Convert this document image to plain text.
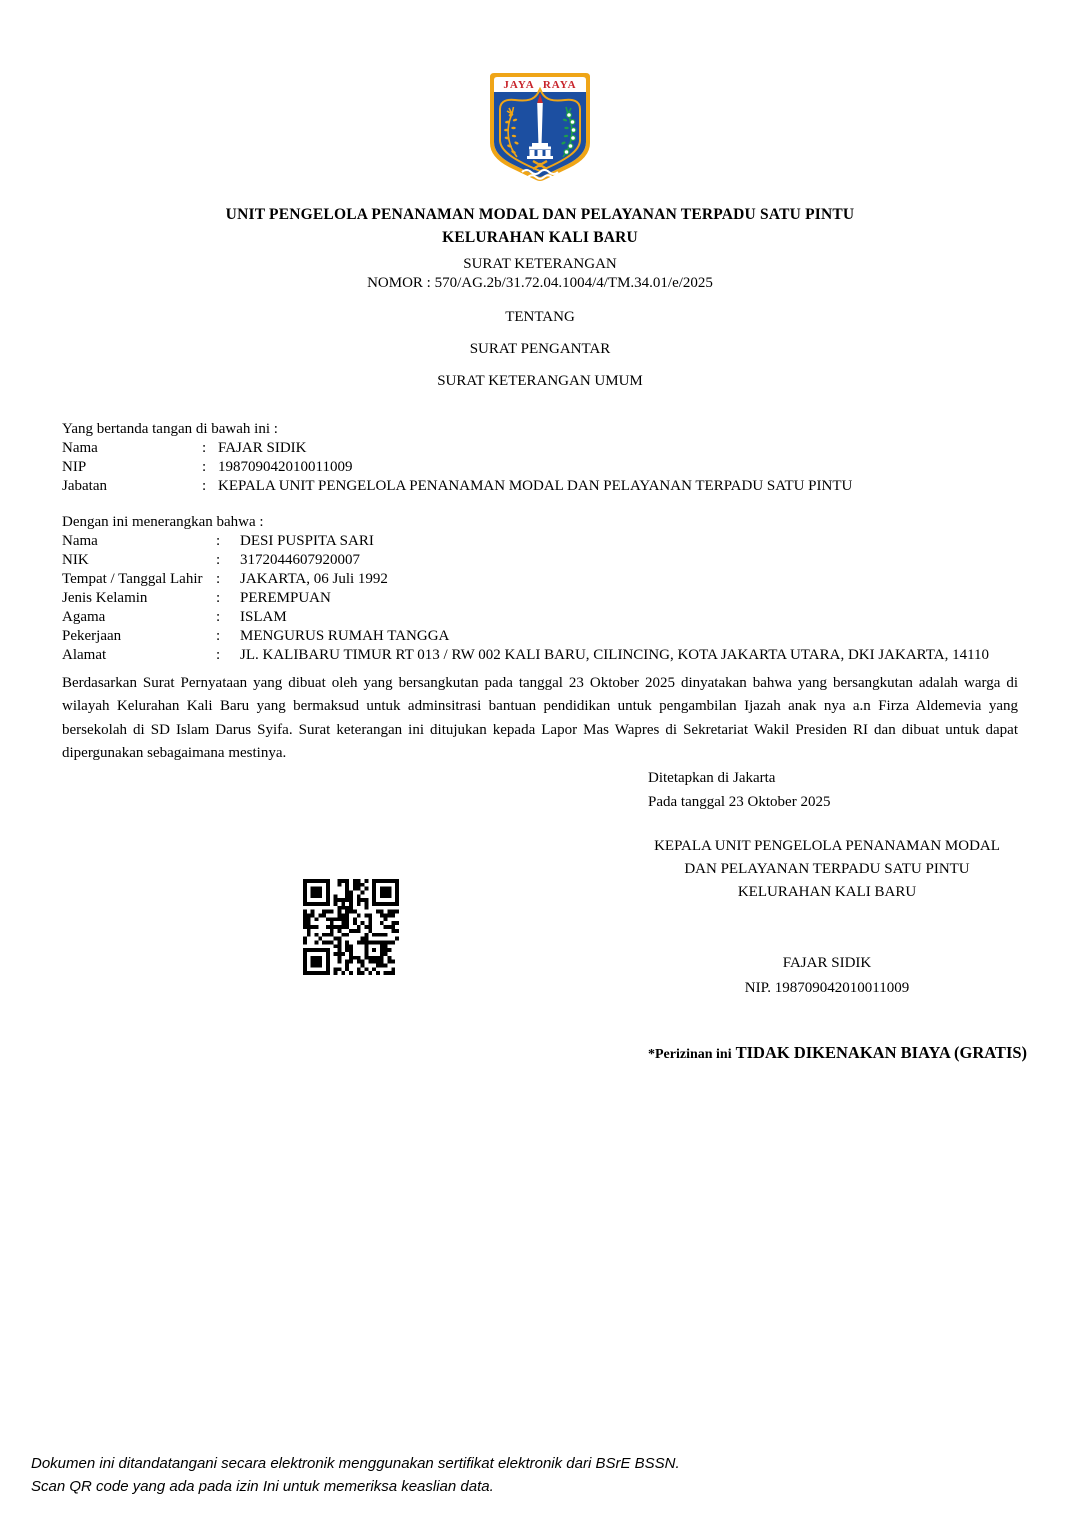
JAYA RAYA
UNIT PENGELOLA PENANAMAN MODAL DAN PELAYANAN TERPADU SATU PINTU
KELURAHAN KALI BARU
SURAT KETERANGAN
NOMOR : 570/AG.2b/31.72.04.1004/4/TM.34.01/e/2025
TENTANG
SURAT PENGANTAR
SURAT KETERANGAN UMUM
Yang bertanda tangan di bawah ini :
Nama	: FAJAR SIDIK
NIP	: 198709042010011009
Jabatan	: KEPALA UNIT PENGELOLA PENANAMAN MODAL DAN PELAYANAN TERPADU SATU PINTU
Dengan ini menerangkan bahwa :
Nama	:	DESI PUSPITA SARI
NIK	:	3172044607920007
Tempat / Tanggal Lahir :	JAKARTA, 06 Juli 1992
Jenis Kelamin	:	PEREMPUAN
Agama	:	ISLAM
Pekerjaan	:	MENGURUS RUMAH TANGGA
Alamat	:	JL. KALIBARU TIMUR RT 013 / RW 002 KALI BARU, CILINCING, KOTA JAKARTA UTARA, DKI JAKARTA, 14110
Berdasarkan Surat Pernyataan yang dibuat oleh yang bersangkutan pada tanggal 23 Oktober 2025 dinyatakan bahwa yang bersangkutan adalah warga di wilayah Kelurahan Kali Baru yang bermaksud untuk adminsitrasi bantuan pendidikan untuk pengambilan Ijazah anak nya a.n Firza Aldemevia yang bersekolah di SD Islam Darus Syifa. Surat keterangan ini ditujukan kepada Lapor Mas Wapres di Sekretariat Wakil Presiden RI dan dibuat untuk dapat dipergunakan sebagaimana mestinya.
Ditetapkan di Jakarta
Pada tanggal 23 Oktober 2025
KEPALA UNIT PENGELOLA PENANAMAN MODAL
DAN PELAYANAN TERPADU SATU PINTU
KELURAHAN KALI BARU
FAJAR SIDIK
NIP. 198709042010011009
*Perizinan ini TIDAK DIKENAKAN BIAYA (GRATIS)
Dokumen ini ditandatangani secara elektronik menggunakan sertifikat elektronik dari BSrE BSSN.
Scan QR code yang ada pada izin Ini untuk memeriksa keaslian data.
